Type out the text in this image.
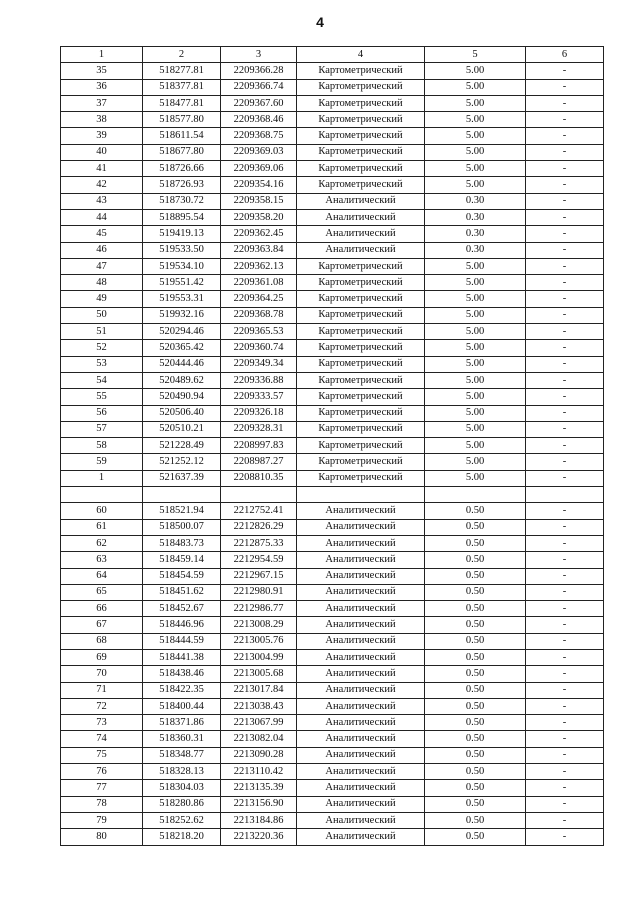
4
1	2	3	4	5	6
35	518277.81	2209366.28	Картометрический	5.00	-
36	518377.81	2209366.74	Картометрический	5.00	-
37	518477.81	2209367.60	Картометрический	5.00	-
38	518577.80	2209368.46	Картометрический	5.00	-
39	518611.54	2209368.75	Картометрический	5.00	-
40	518677.80	2209369.03	Картометрический	5.00	-
41	518726.66	2209369.06	Картометрический	5.00	-
42	518726.93	2209354.16	Картометрический	5.00	-
43	518730.72	2209358.15	Аналитический	0.30	-
44	518895.54	2209358.20	Аналитический	0.30	-
45	519419.13	2209362.45	Аналитический	0.30	-
46	519533.50	2209363.84	Аналитический	0.30	-
47	519534.10	2209362.13	Картометрический	5.00	-
48	519551.42	2209361.08	Картометрический	5.00	-
49	519553.31	2209364.25	Картометрический	5.00	-
50	519932.16	2209368.78	Картометрический	5.00	-
51	520294.46	2209365.53	Картометрический	5.00	-
52	520365.42	2209360.74	Картометрический	5.00	-
53	520444.46	2209349.34	Картометрический	5.00	-
54	520489.62	2209336.88	Картометрический	5.00	-
55	520490.94	2209333.57	Картометрический	5.00	-
56	520506.40	2209326.18	Картометрический	5.00	-
57	520510.21	2209328.31	Картометрический	5.00	-
58	521228.49	2208997.83	Картометрический	5.00	-
59	521252.12	2208987.27	Картометрический	5.00	-
1	521637.39	2208810.35	Картометрический	5.00	-

60	518521.94	2212752.41	Аналитический	0.50	-
61	518500.07	2212826.29	Аналитический	0.50	-
62	518483.73	2212875.33	Аналитический	0.50	-
63	518459.14	2212954.59	Аналитический	0.50	-
64	518454.59	2212967.15	Аналитический	0.50	-
65	518451.62	2212980.91	Аналитический	0.50	-
66	518452.67	2212986.77	Аналитический	0.50	-
67	518446.96	2213008.29	Аналитический	0.50	-
68	518444.59	2213005.76	Аналитический	0.50	-
69	518441.38	2213004.99	Аналитический	0.50	-
70	518438.46	2213005.68	Аналитический	0.50	-
71	518422.35	2213017.84	Аналитический	0.50	-
72	518400.44	2213038.43	Аналитический	0.50	-
73	518371.86	2213067.99	Аналитический	0.50	-
74	518360.31	2213082.04	Аналитический	0.50	-
75	518348.77	2213090.28	Аналитический	0.50	-
76	518328.13	2213110.42	Аналитический	0.50	-
77	518304.03	2213135.39	Аналитический	0.50	-
78	518280.86	2213156.90	Аналитический	0.50	-
79	518252.62	2213184.86	Аналитический	0.50	-
80	518218.20	2213220.36	Аналитический	0.50	-
